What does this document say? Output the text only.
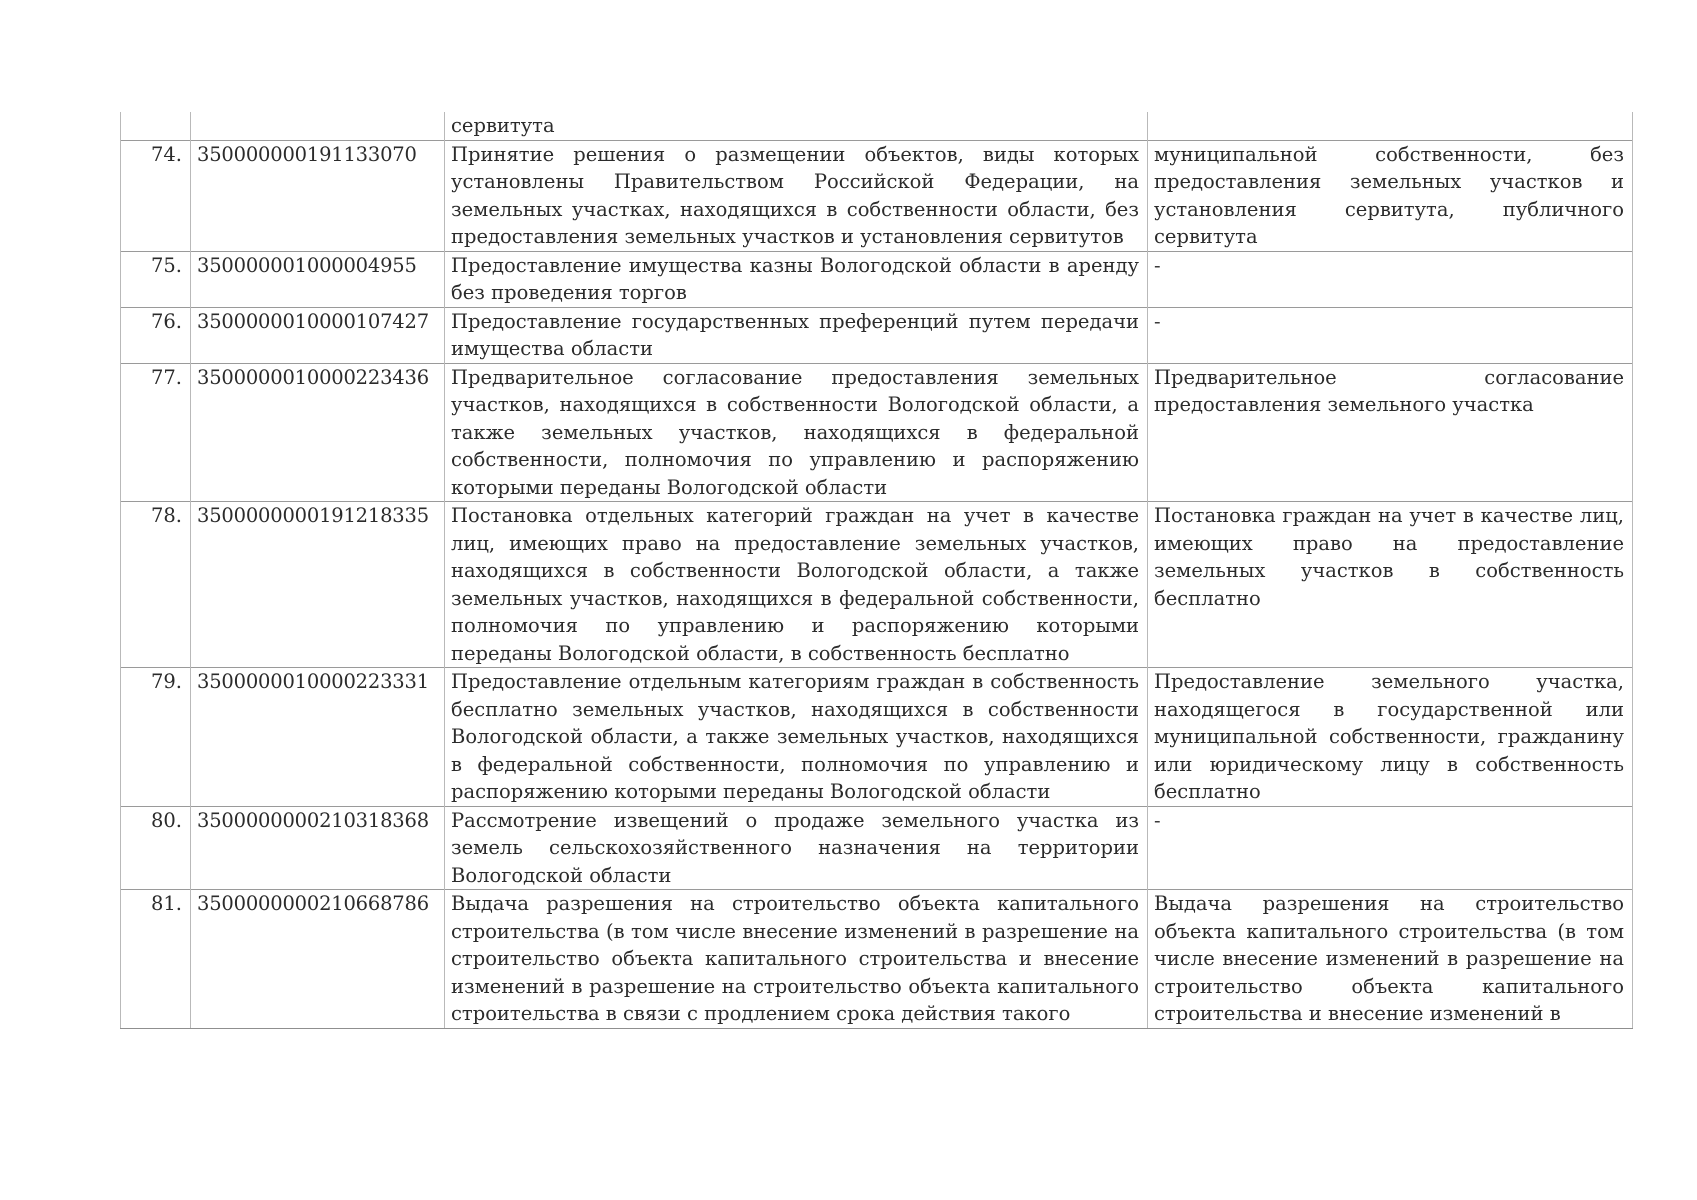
		сервитута	
74.	350000000191133070	Принятие решения о размещении объектов, виды которых установлены Правительством Российской Федерации, на земельных участках, находящихся в собственности области, без предоставления земельных участков и установления сервитутов	муниципальной собственности, без предоставления земельных участков и установления сервитута, публичного сервитута
75.	350000001000004955	Предоставление имущества казны Вологодской области в аренду без проведения торгов	-

76.	3500000010000107427	Предоставление государственных преференций путем передачи имущества области	-

77.	3500000010000223436	Предварительное согласование предоставления земельных участков, находящихся в собственности Вологодской области, а также земельных участков, находящихся в федеральной собственности, полномочия по управлению и распоряжению которыми переданы Вологодской области	Предварительное согласование предоставления земельного участка
78.	3500000000191218335	Постановка отдельных категорий граждан на учет в качестве лиц, имеющих право на предоставление земельных участков, находящихся в собственности Вологодской области, а также земельных участков, находящихся в федеральной собственности, полномочия по управлению и распоряжению которыми переданы Вологодской области, в собственность бесплатно	Постановка граждан на учет в качестве лиц, имеющих право на предоставление земельных участков в собственность бесплатно
79.	3500000010000223331	Предоставление отдельным категориям граждан в собственность бесплатно земельных участков, находящихся в собственности Вологодской области, а также земельных участков, находящихся в федеральной собственности, полномочия по управлению и распоряжению которыми переданы Вологодской области	Предоставление земельного участка, находящегося в государственной или муниципальной собственности, гражданину или юридическому лицу в собственность бесплатно
80.	3500000000210318368	Рассмотрение извещений о продаже земельного участка из земель сельскохозяйственного назначения на территории Вологодской области	-

81.	3500000000210668786	Выдача разрешения на строительство объекта капитального строительства (в том числе внесение изменений в разрешение на строительство объекта капитального строительства и внесение изменений в разрешение на строительство объекта капитального строительства в связи с продлением срока действия такого	Выдача разрешения на строительство объекта капитального строительства (в том числе внесение изменений в разрешение на строительство объекта капитального строительства и внесение изменений в
